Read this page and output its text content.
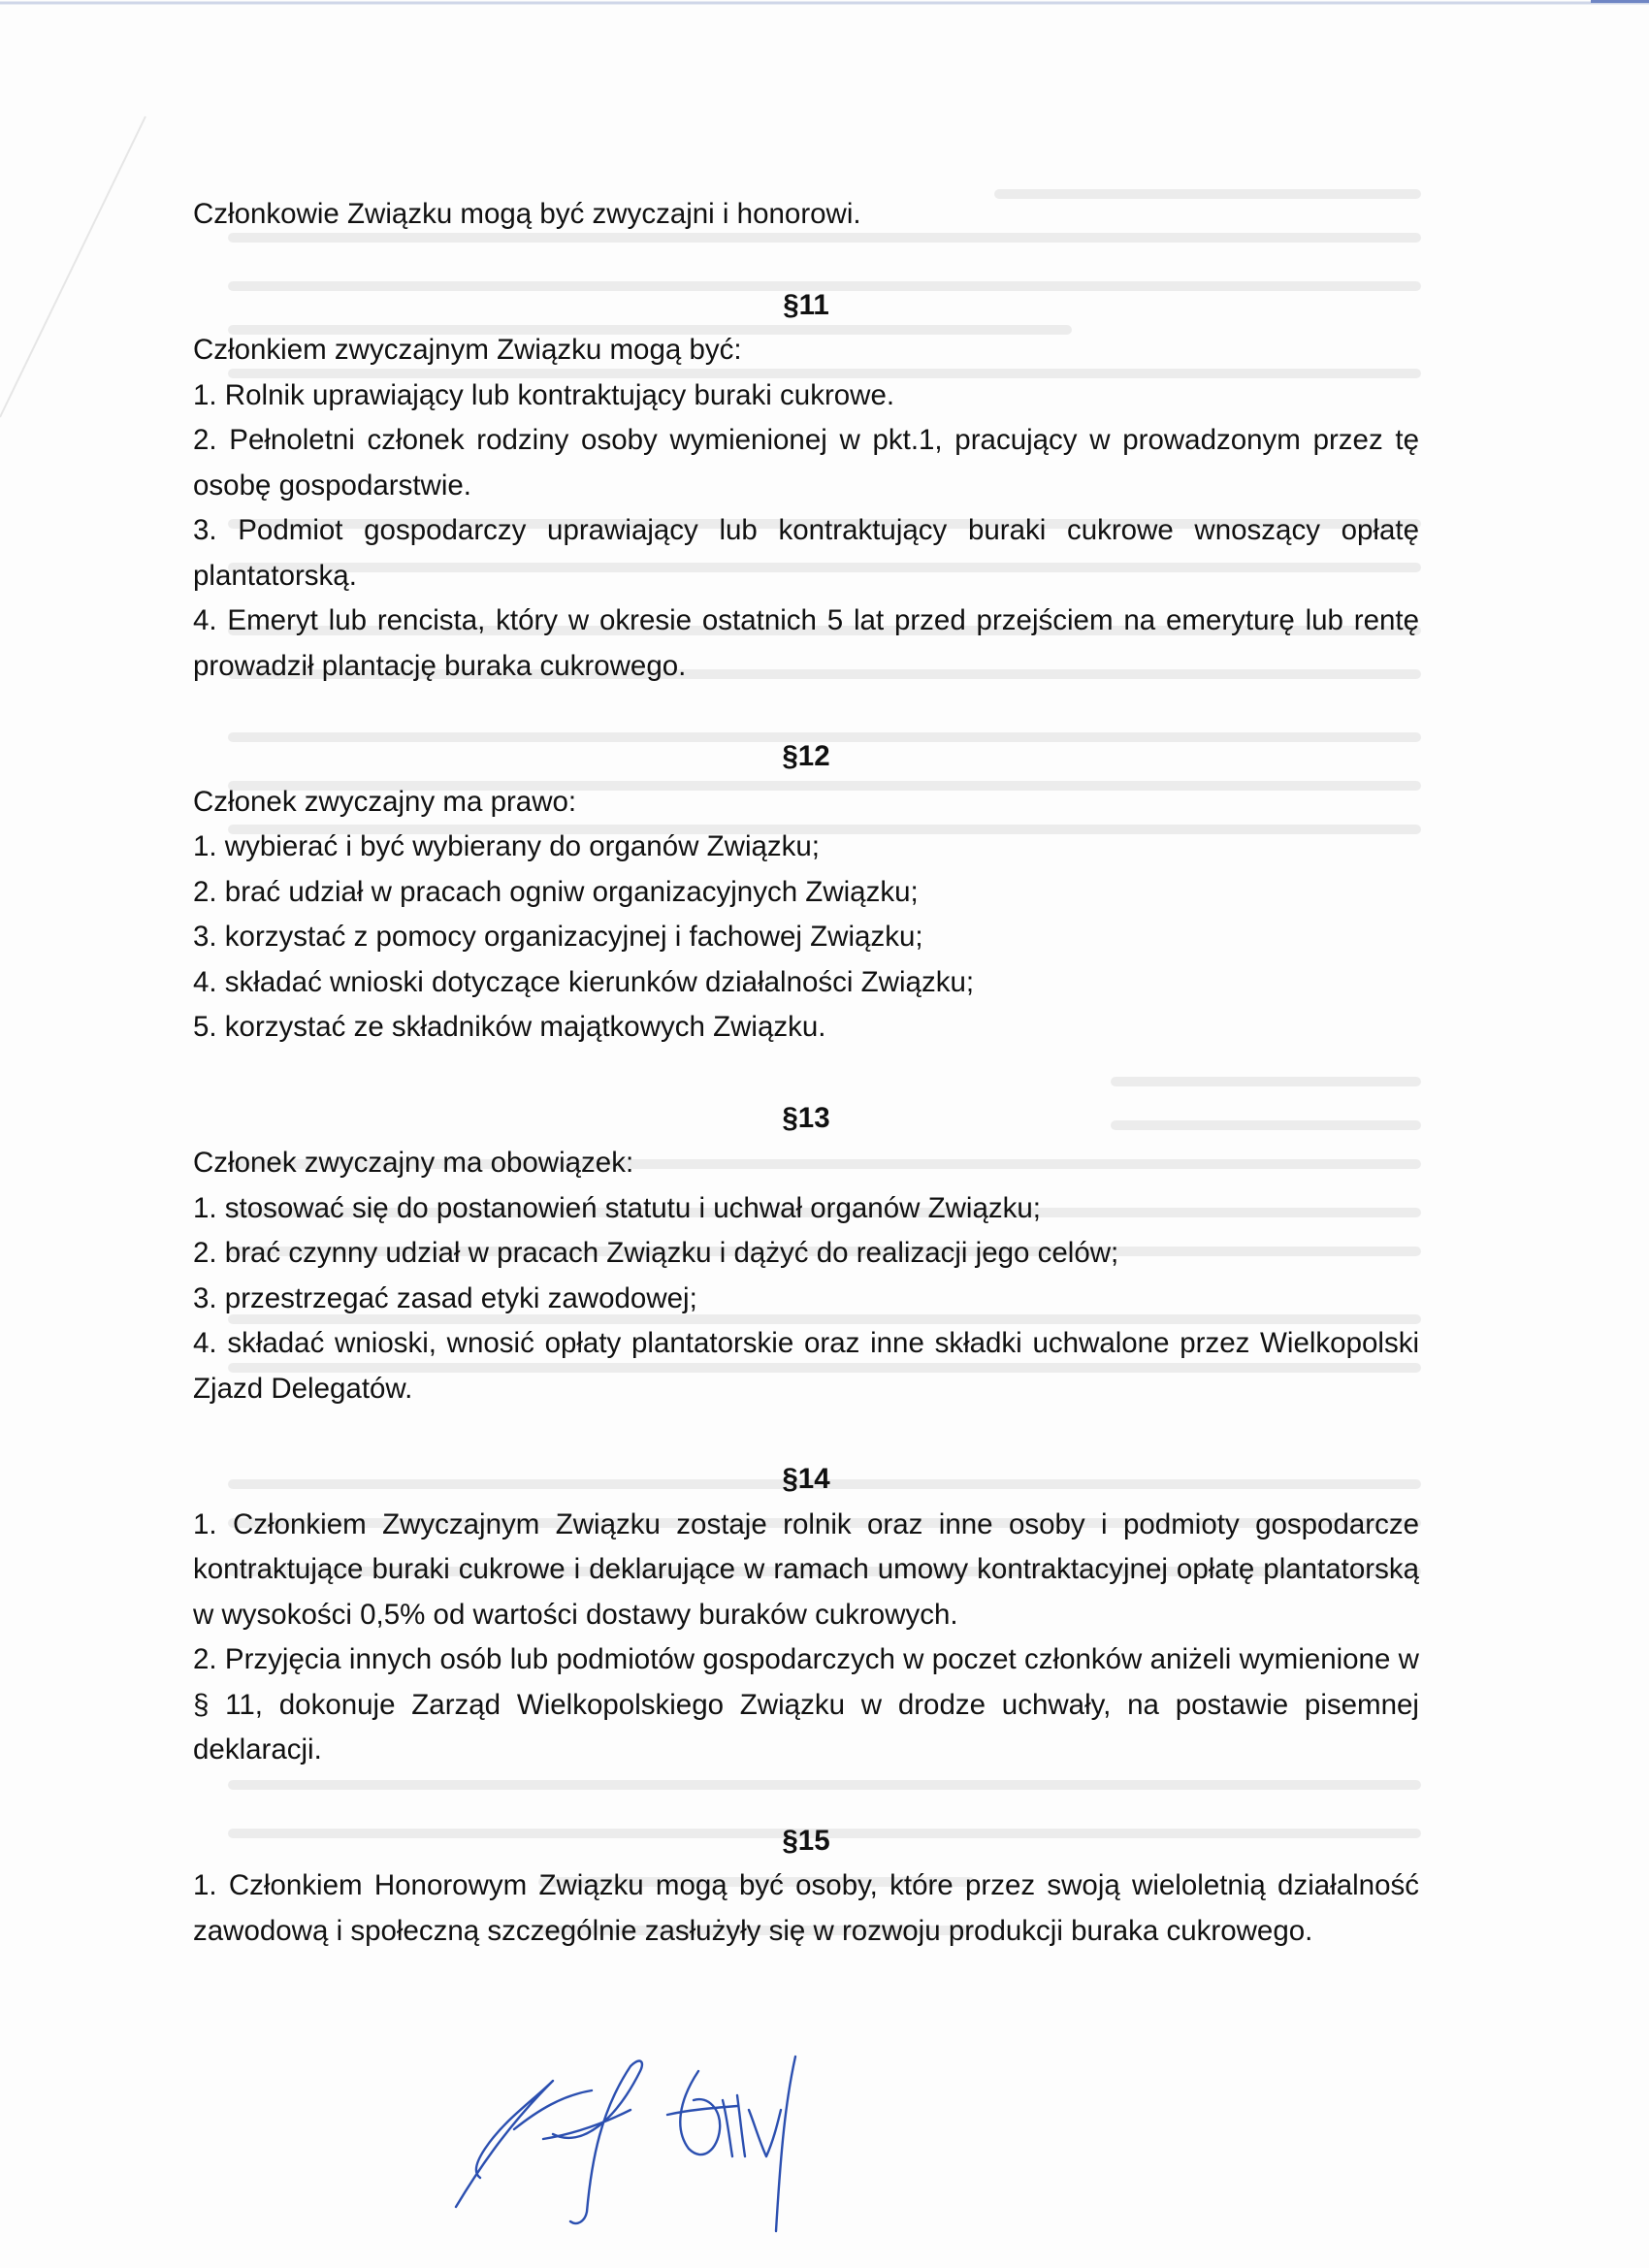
Członkowie Związku mogą być zwyczajni i honorowi.

§11

Członkiem zwyczajnym Związku mogą być:

1. Rolnik uprawiający lub kontraktujący buraki cukrowe.

2. Pełnoletni członek rodziny osoby wymienionej w pkt.1, pracujący w prowadzonym przez tę osobę gospodarstwie.

3. Podmiot gospodarczy uprawiający lub kontraktujący buraki cukrowe wnoszący opłatę plantatorską.

4. Emeryt lub rencista, który w okresie ostatnich 5 lat przed przejściem na emeryturę lub rentę prowadził plantację buraka cukrowego.

§12

Członek zwyczajny ma prawo:

1. wybierać i być wybierany do organów Związku;

2. brać udział w pracach ogniw organizacyjnych Związku;

3. korzystać z pomocy organizacyjnej i fachowej Związku;

4. składać wnioski dotyczące kierunków działalności Związku;

5. korzystać ze składników majątkowych Związku.

§13

Członek zwyczajny ma obowiązek:

1. stosować się do postanowień statutu i uchwał organów Związku;

2. brać czynny udział w pracach Związku i dążyć do realizacji jego celów;

3. przestrzegać zasad etyki zawodowej;

4. składać wnioski, wnosić opłaty plantatorskie oraz inne składki uchwalone przez Wielkopolski Zjazd Delegatów.

§14

1. Członkiem Zwyczajnym Związku zostaje rolnik oraz inne osoby i podmioty gospodarcze kontraktujące buraki cukrowe i deklarujące w ramach umowy kontraktacyjnej opłatę plantatorską w wysokości 0,5% od wartości dostawy buraków cukrowych.

2. Przyjęcia innych osób lub podmiotów gospodarczych w poczet członków aniżeli wymienione w § 11, dokonuje Zarząd Wielkopolskiego Związku w drodze uchwały, na postawie pisemnej deklaracji.

§15

1. Członkiem Honorowym Związku mogą być osoby, które przez swoją wieloletnią działalność zawodową i społeczną szczególnie zasłużyły się w rozwoju produkcji buraka cukrowego.
